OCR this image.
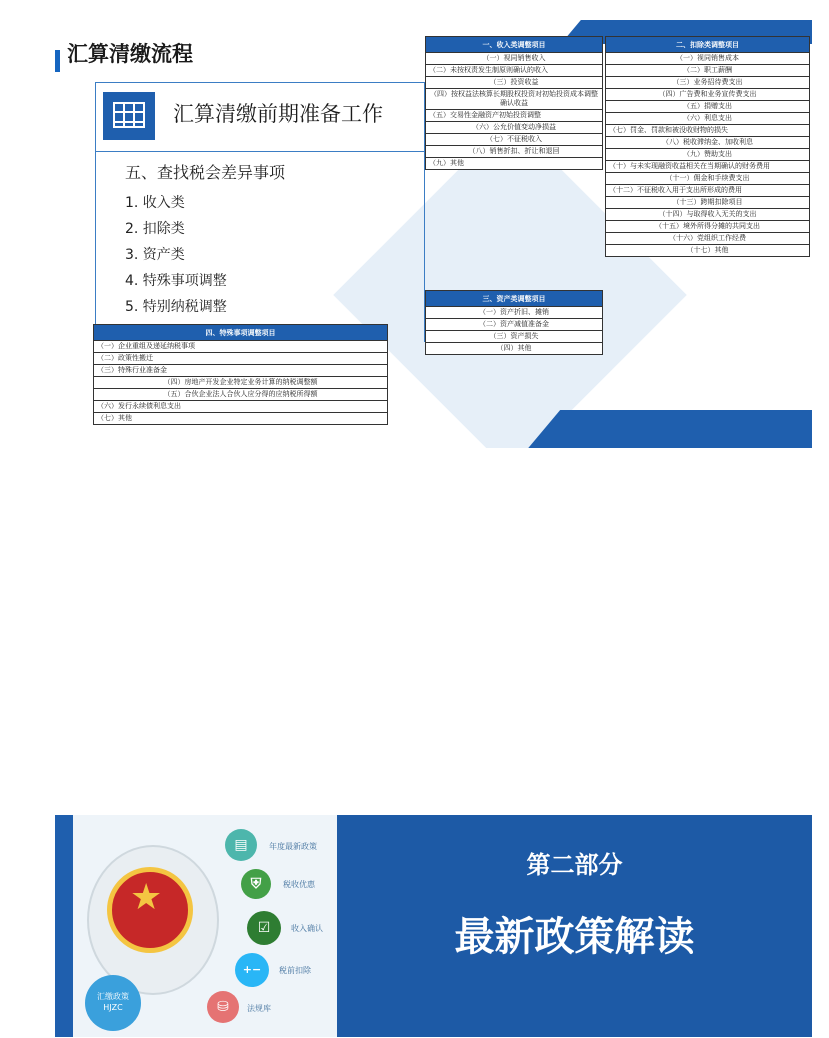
汇算清缴流程
汇算清缴前期准备工作
五、查找税会差异事项
1. 收入类
2. 扣除类
3. 资产类
4. 特殊事项调整
5. 特别纳税调整
一、收入类调整项目
（一）视同销售收入
（二）未按权责发生制原则确认的收入
（三）投资收益
（四）按权益法核算长期股权投资对初始投资成本调整确认收益
（五）交易性金融资产初始投资调整
（六）公允价值变动净损益
（七）不征税收入
（八）销售折扣、折让和退回
（九）其他
二、扣除类调整项目
（一）视同销售成本
（二）职工薪酬
（三）业务招待费支出
（四）广告费和业务宣传费支出
（五）捐赠支出
（六）利息支出
（七）罚金、罚款和被没收财物的损失
（八）税收滞纳金、加收利息
（九）赞助支出
（十）与未实现融资收益相关在当期确认的财务费用
（十一）佣金和手续费支出
（十二）不征税收入用于支出所形成的费用
（十三）跨期扣除项目
（十四）与取得收入无关的支出
（十五）境外所得分摊的共同支出
（十六）党组织工作经费
（十七）其他
三、资产类调整项目
（一）资产折旧、摊销
（二）资产减值准备金
（三）资产损失
（四）其他
四、特殊事项调整项目
（一）企业重组及递延纳税事项
（二）政策性搬迁
（三）特殊行业准备金
（四）房地产开发企业特定业务计算的纳税调整额
（五）合伙企业法人合伙人应分得的应纳税所得额
（六）发行永续债利息支出
（七）其他
★
▤	年度最新政策
⛨	税收优惠
☑	收入确认
+−	税前扣除
⛁	法规库
汇缴政策
HJZC
第二部分
最新政策解读
